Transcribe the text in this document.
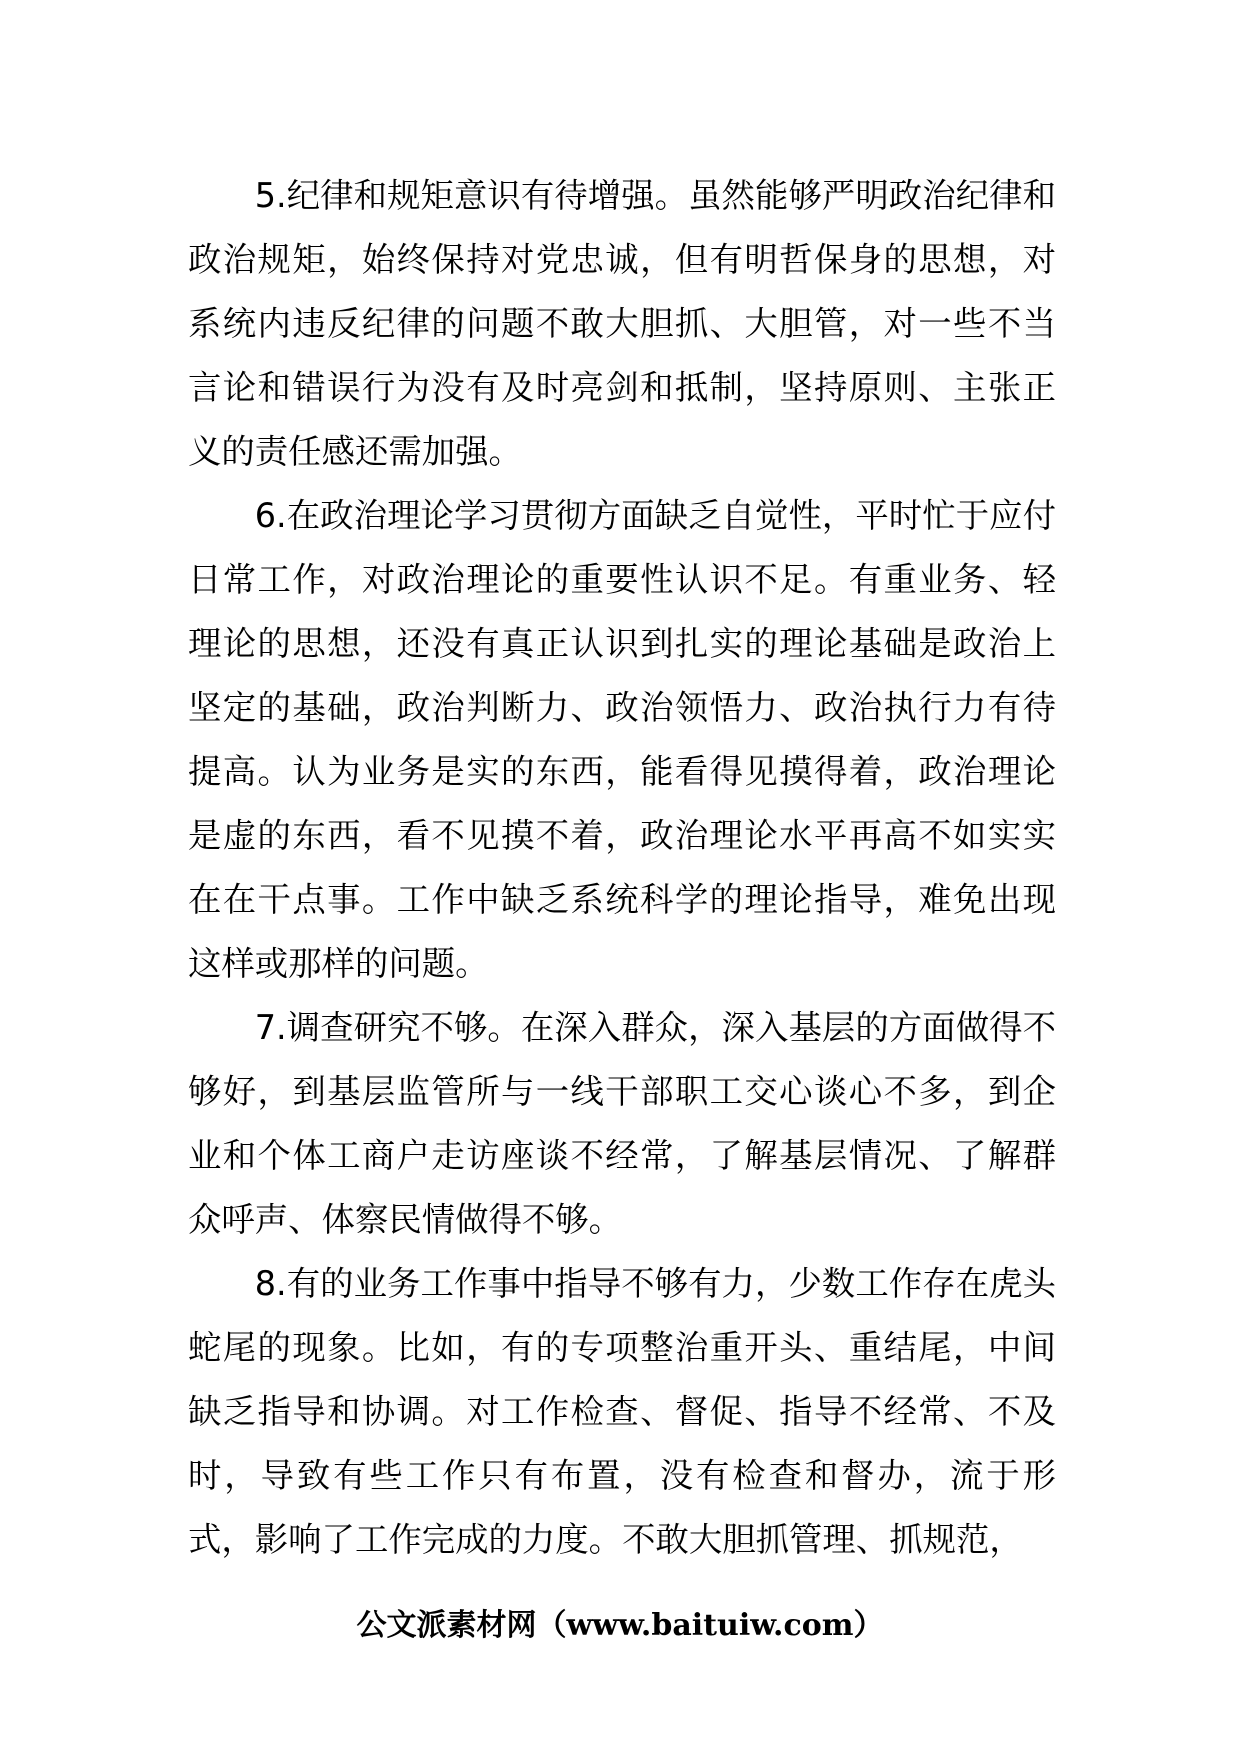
5.纪律和规矩意识有待增强。虽然能够严明政治纪律和政治规矩，始终保持对党忠诚，但有明哲保身的思想，对系统内违反纪律的问题不敢大胆抓、大胆管，对一些不当言论和错误行为没有及时亮剑和抵制，坚持原则、主张正义的责任感还需加强。

6.在政治理论学习贯彻方面缺乏自觉性，平时忙于应付日常工作，对政治理论的重要性认识不足。有重业务、轻理论的思想，还没有真正认识到扎实的理论基础是政治上坚定的基础，政治判断力、政治领悟力、政治执行力有待提高。认为业务是实的东西，能看得见摸得着，政治理论是虚的东西，看不见摸不着，政治理论水平再高不如实实在在干点事。工作中缺乏系统科学的理论指导，难免出现这样或那样的问题。

7.调查研究不够。在深入群众，深入基层的方面做得不够好，到基层监管所与一线干部职工交心谈心不多，到企业和个体工商户走访座谈不经常，了解基层情况、了解群众呼声、体察民情做得不够。

8.有的业务工作事中指导不够有力，少数工作存在虎头蛇尾的现象。比如，有的专项整治重开头、重结尾，中间缺乏指导和协调。对工作检查、督促、指导不经常、不及时，导致有些工作只有布置，没有检查和督办，流于形式，影响了工作完成的力度。不敢大胆抓管理、抓规范，

公文派素材网（www.baituiw.com）
